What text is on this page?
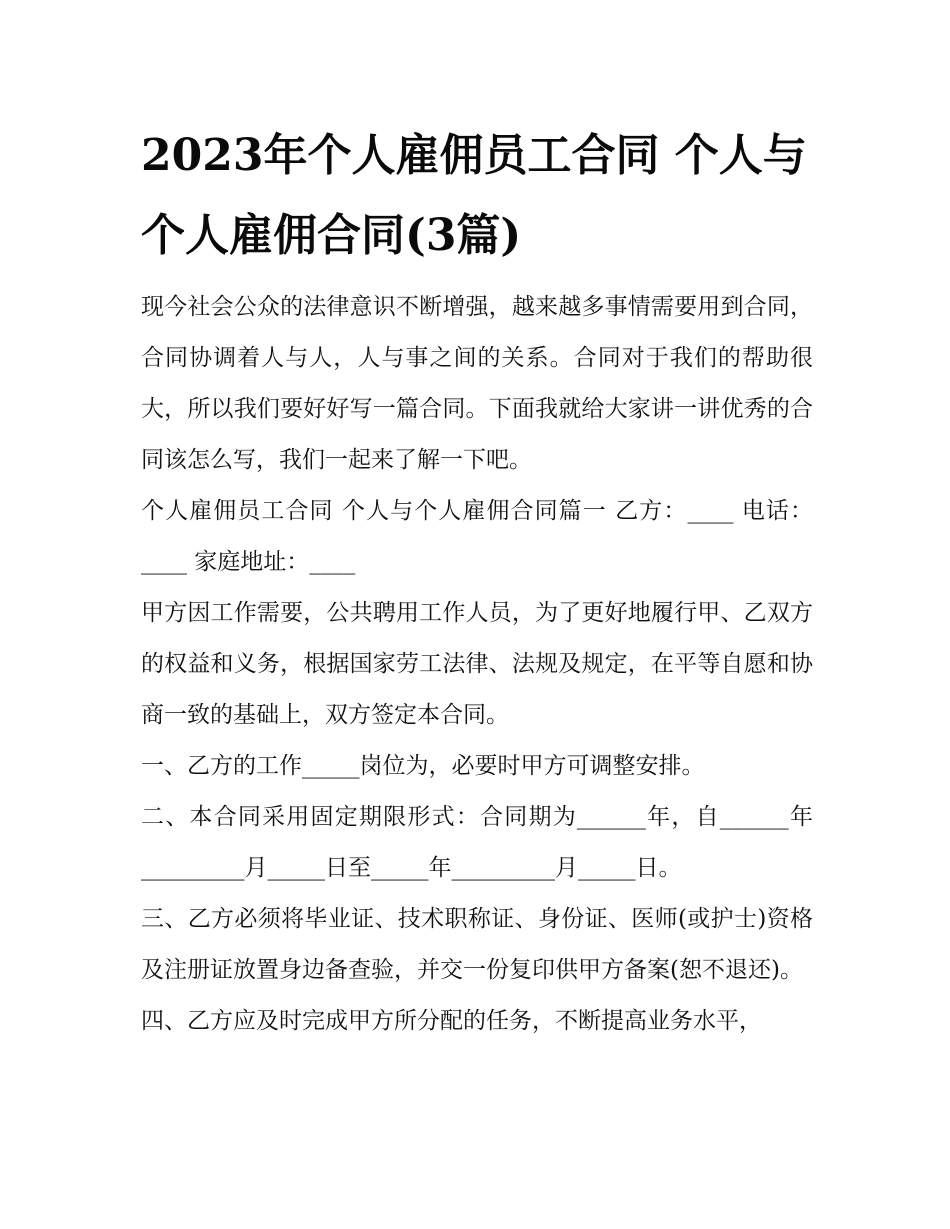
2023年个人雇佣员工合同 个人与个人雇佣合同(3篇)

现今社会公众的法律意识不断增强，越来越多事情需要用到合同，合同协调着人与人，人与事之间的关系。合同对于我们的帮助很大，所以我们要好好写一篇合同。下面我就给大家讲一讲优秀的合同该怎么写，我们一起来了解一下吧。

个人雇佣员工合同 个人与个人雇佣合同篇一 乙方：____ 电话：____ 家庭地址：____

甲方因工作需要，公共聘用工作人员，为了更好地履行甲、乙双方的权益和义务，根据国家劳工法律、法规及规定，在平等自愿和协商一致的基础上，双方签定本合同。

一、乙方的工作_____岗位为，必要时甲方可调整安排。

二、本合同采用固定期限形式：合同期为______年，自______年_________月_____日至_____年_________月_____日。

三、乙方必须将毕业证、技术职称证、身份证、医师(或护士)资格及注册证放置身边备查验，并交一份复印供甲方备案(恕不退还)。

四、乙方应及时完成甲方所分配的任务，不断提高业务水平，
